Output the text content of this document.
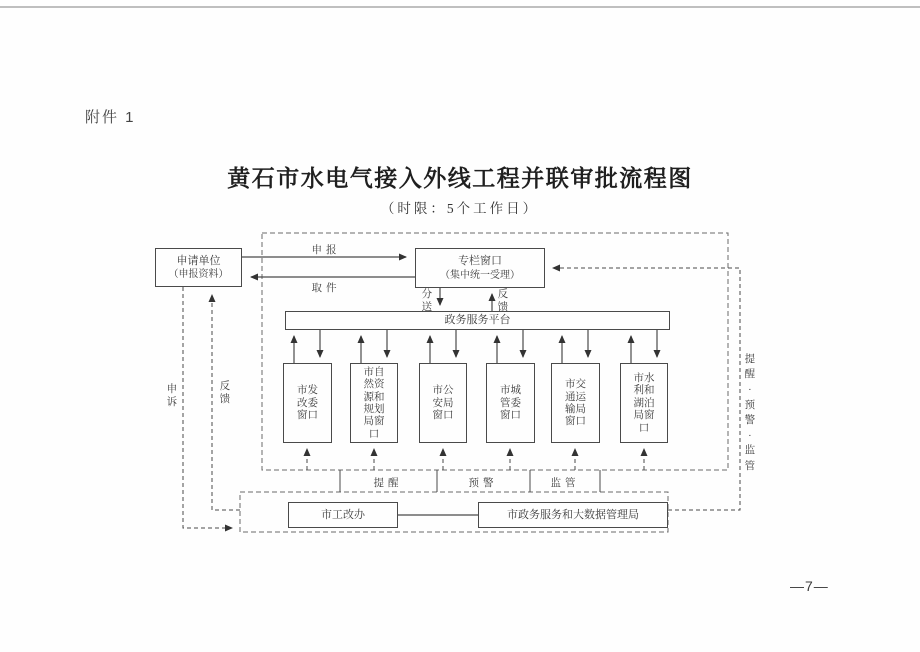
附件 1
黄石市水电气接入外线工程并联审批流程图
（时限：5个工作日）
—7—
申请单位
（申报资料）
专栏窗口
（集中统一受理）
政务服务平台
市发改委窗口
市自然资源和规划局窗口
市公安局窗口
市城管委窗口
市交通运输局窗口
市水利和湖泊局窗口
市工改办	市政务服务和大数据管理局
申报
取件	分送
反馈
提醒	预警	监管
提醒·预警·监管
申诉
反馈
